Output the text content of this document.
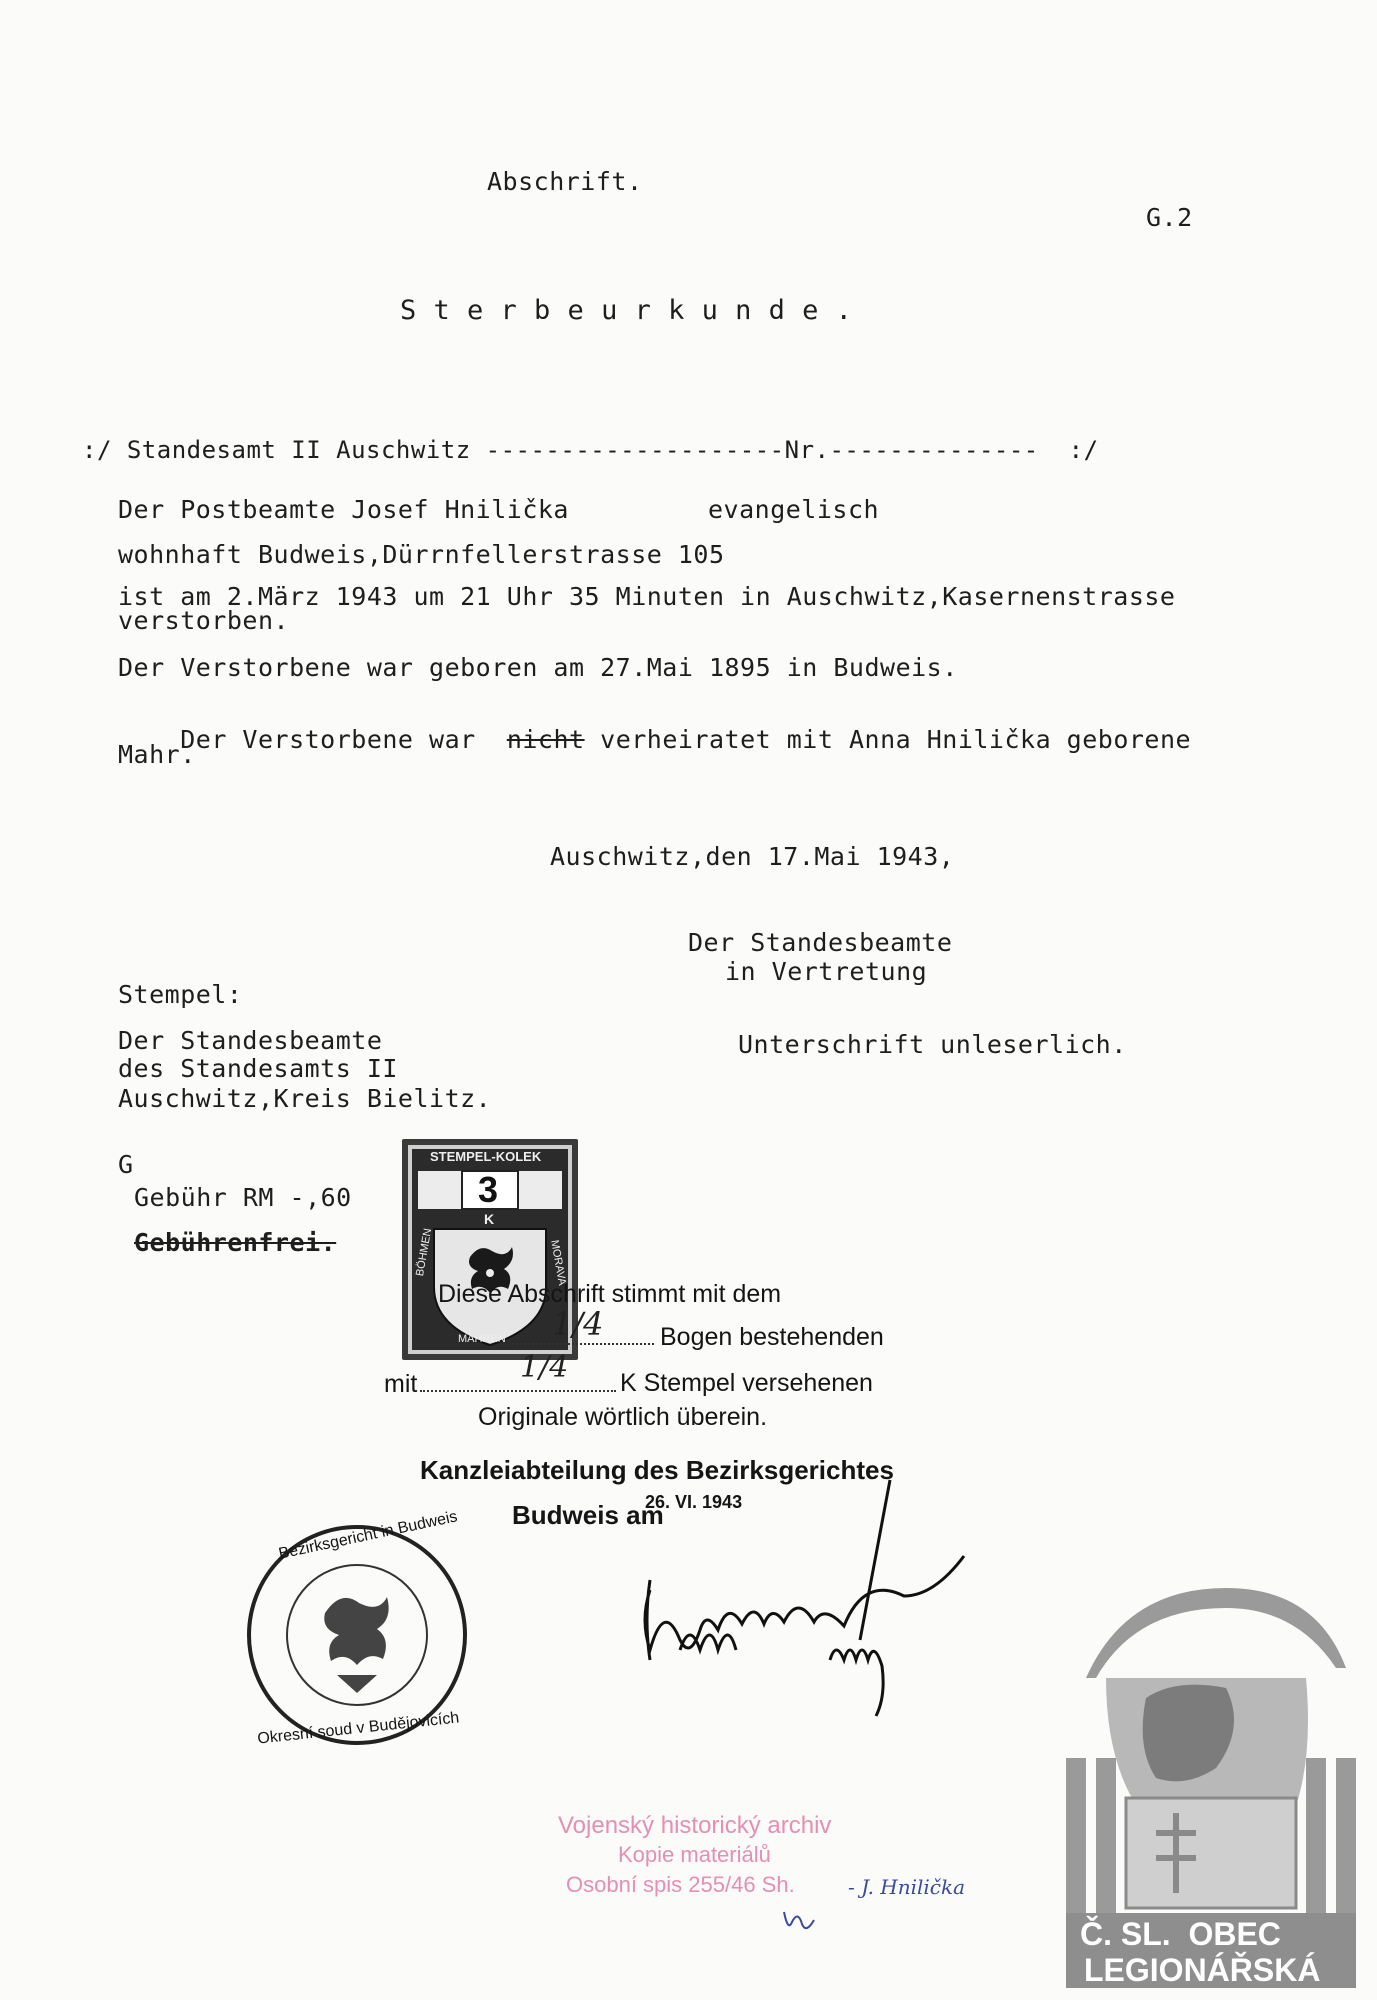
Abschrift.
G.2
S t e r b e u r k u n d e .
:/ Standesamt II Auschwitz --------------------Nr.--------------  :/
Der Postbeamte Josef Hnilička	evangelisch
wohnhaft Budweis,Dürrnfellerstrasse 105
ist am 2.März 1943 um 21 Uhr 35 Minuten in Auschwitz,Kasernenstrasse
verstorben.
Der Verstorbene war geboren am 27.Mai 1895 in Budweis.

Der Verstorbene war nicht verheiratet mit Anna Hnilička geborene

Mahr.
Auschwitz,den 17.Mai 1943,
Der Standesbeamte
in Vertretung
Unterschrift unleserlich.
Stempel:
Der Standesbeamte
des Standesamts II
Auschwitz,Kreis Bielitz.
G
Gebühr RM -,60
Gebührenfrei.
STEMPEL-KOLEK
3
K
BÖHMEN
MÄHREN
MORAVA
Diese Abschrift stimmt mit dem
1/4 Bogen bestehenden
mit	1/4 K Stempel versehenen
Originale wörtlich überein.
Kanzleiabteilung des Bezirksgerichtes
Budweis am
26. VI. 1943
Bezirksgericht in Budweis
Okresní soud v Budějovicích
Vojenský historický archiv
Kopie materiálů
Osobní spis 255/46 Sh.	- J. Hnilička
Č. SL.  OBEC
LEGIONÁŘSKÁ
